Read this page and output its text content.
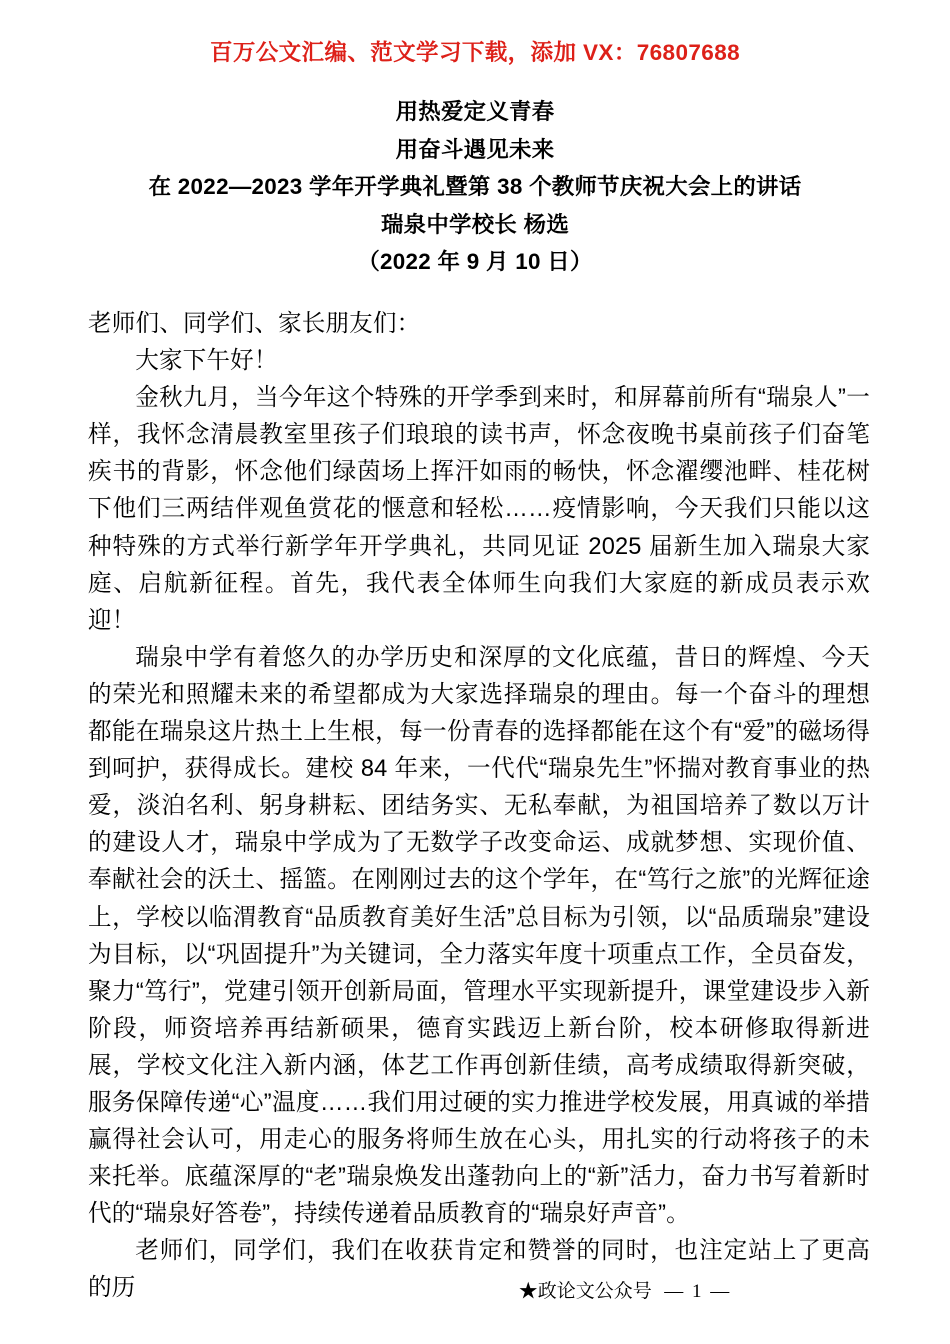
百万公文汇编、范文学习下载，添加 VX：76807688
用热爱定义青春
用奋斗遇见未来
在 2022—2023 学年开学典礼暨第 38 个教师节庆祝大会上的讲话
瑞泉中学校长 杨选
（2022 年 9 月 10 日）

老师们、同学们、家长朋友们：

大家下午好！

金秋九月，当今年这个特殊的开学季到来时，和屏幕前所有“瑞泉人”一样，我怀念清晨教室里孩子们琅琅的读书声，怀念夜晚书桌前孩子们奋笔疾书的背影，怀念他们绿茵场上挥汗如雨的畅快，怀念濯缨池畔、桂花树下他们三两结伴观鱼赏花的惬意和轻松……疫情影响，今天我们只能以这种特殊的方式举行新学年开学典礼，共同见证 2025 届新生加入瑞泉大家庭、启航新征程。首先，我代表全体师生向我们大家庭的新成员表示欢迎！

瑞泉中学有着悠久的办学历史和深厚的文化底蕴，昔日的辉煌、今天的荣光和照耀未来的希望都成为大家选择瑞泉的理由。每一个奋斗的理想都能在瑞泉这片热土上生根，每一份青春的选择都能在这个有“爱”的磁场得到呵护，获得成长。建校 84 年来，一代代“瑞泉先生”怀揣对教育事业的热爱，淡泊名利、躬身耕耘、团结务实、无私奉献，为祖国培养了数以万计的建设人才，瑞泉中学成为了无数学子改变命运、成就梦想、实现价值、奉献社会的沃土、摇篮。在刚刚过去的这个学年，在“笃行之旅”的光辉征途上，学校以临渭教育“品质教育美好生活”总目标为引领，以“品质瑞泉”建设为目标，以“巩固提升”为关键词，全力落实年度十项重点工作，全员奋发，聚力“笃行”，党建引领开创新局面，管理水平实现新提升，课堂建设步入新阶段，师资培养再结新硕果，德育实践迈上新台阶，校本研修取得新进展，学校文化注入新内涵，体艺工作再创新佳绩，高考成绩取得新突破，服务保障传递“心”温度……我们用过硬的实力推进学校发展，用真诚的举措赢得社会认可，用走心的服务将师生放在心头，用扎实的行动将孩子的未来托举。底蕴深厚的“老”瑞泉焕发出蓬勃向上的“新”活力，奋力书写着新时代的“瑞泉好答卷”，持续传递着品质教育的“瑞泉好声音”。

老师们，同学们，我们在收获肯定和赞誉的同时，也注定站上了更高的历	★政论文公众号 — 1 —
